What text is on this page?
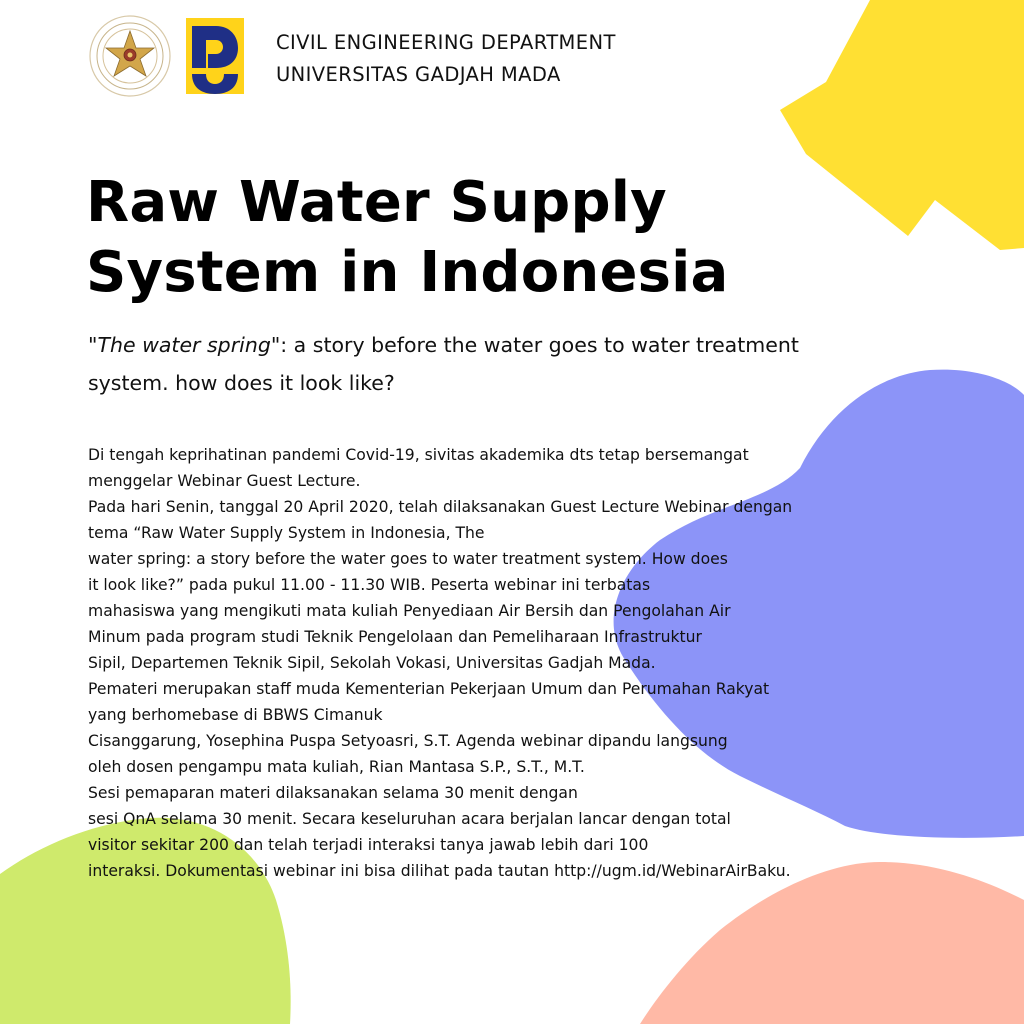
CIVIL ENGINEERING DEPARTMENT
UNIVERSITAS GADJAH MADA
Raw Water Supply
System in Indonesia
"The water spring": a story before the water goes to water treatment
system. how does it look like?
Di tengah keprihatinan pandemi Covid-19, sivitas akademika dts tetap bersemangat
menggelar Webinar Guest Lecture.
Pada hari Senin, tanggal 20 April 2020, telah dilaksanakan Guest Lecture Webinar dengan
tema “Raw Water Supply System in Indonesia, The
water spring: a story before the water goes to water treatment system. How does
it look like?” pada pukul 11.00 - 11.30 WIB. Peserta webinar ini terbatas
mahasiswa yang mengikuti mata kuliah Penyediaan Air Bersih dan Pengolahan Air
Minum pada program studi Teknik Pengelolaan dan Pemeliharaan Infrastruktur
Sipil, Departemen Teknik Sipil, Sekolah Vokasi, Universitas Gadjah Mada.
Pemateri merupakan staff muda Kementerian Pekerjaan Umum dan Perumahan Rakyat
yang berhomebase di BBWS Cimanuk
Cisanggarung, Yosephina Puspa Setyoasri, S.T. Agenda webinar dipandu langsung
oleh dosen pengampu mata kuliah, Rian Mantasa S.P., S.T., M.T.
Sesi pemaparan materi dilaksanakan selama 30 menit dengan
sesi QnA selama 30 menit. Secara keseluruhan acara berjalan lancar dengan total
visitor sekitar 200 dan telah terjadi interaksi tanya jawab lebih dari 100
interaksi. Dokumentasi webinar ini bisa dilihat pada tautan http://ugm.id/WebinarAirBaku.
